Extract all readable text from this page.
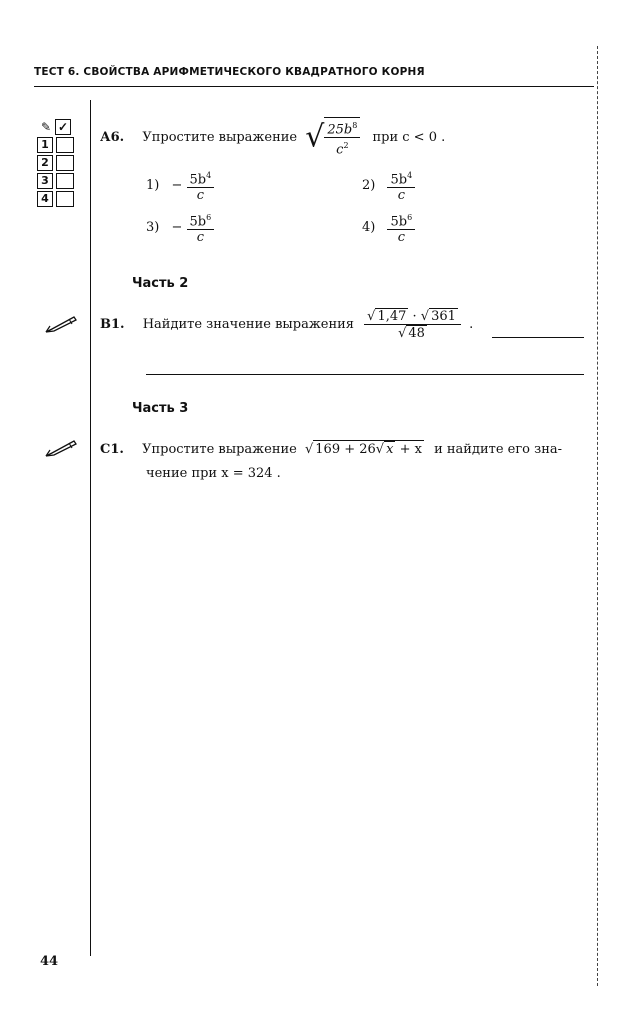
ТЕСТ 6. СВОЙСТВА АРИФМЕТИЧЕСКОГО КВАДРАТНОГО КОРНЯ
✎ ✓
1
2
3
4
А6. Упростите выражение √ $\frac{25b^8}{c^2}$ при c < 0 .
$1) - \frac{5b^4}{c}$	$2) \frac{5b^4}{c}$
$3) - \frac{5b^6}{c}$	$4) \frac{5b^6}{c}$
Часть 2
В1. Найдите значение выражения $\frac{√ 1,47 \cdot √ 361}{√ 48}$ .
Часть 3
С1. Упростите выражение √ 169 + 26√ x + x и найдите его зна-
чение при x = 324 .
44
